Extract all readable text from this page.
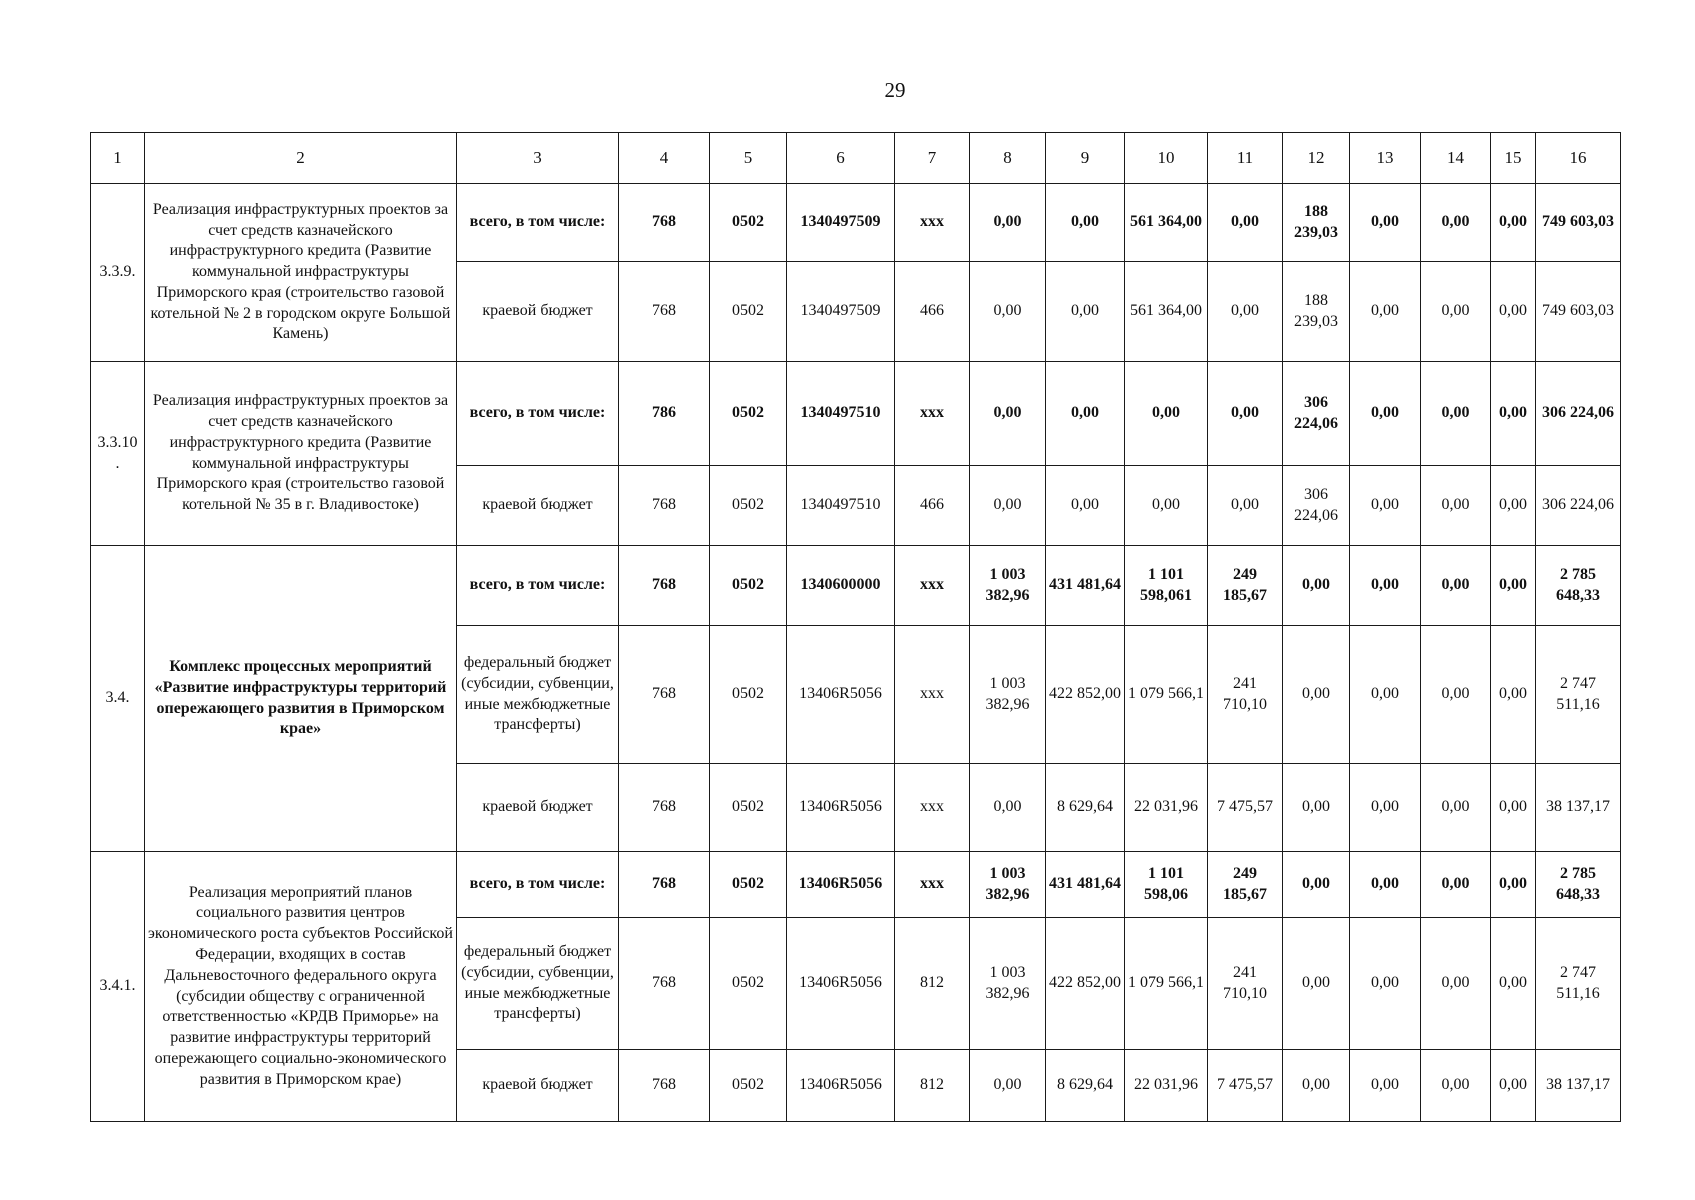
29
1	2	3	4	5	6	7	8	9	10	11	12	13	14	15	16
3.3.9.	Реализация инфраструктурных проектов за счет средств казначейского инфраструктурного кредита (Развитие коммунальной инфраструктуры Приморского края (строительство газовой котельной № 2 в городском округе Большой Камень)	всего, в том числе:	768	0502	1340497509	ххх	0,00	0,00	561 364,00	0,00	188 239,03	0,00	0,00	0,00	749 603,03
		краевой бюджет	768	0502	1340497509	466	0,00	0,00	561 364,00	0,00	188 239,03	0,00	0,00	0,00	749 603,03
3.3.10 .	Реализация инфраструктурных проектов за счет средств казначейского инфраструктурного кредита (Развитие коммунальной инфраструктуры Приморского края (строительство газовой котельной № 35 в г. Владивостоке)	всего, в том числе:	786	0502	1340497510	ххх	0,00	0,00	0,00	0,00	306 224,06	0,00	0,00	0,00	306 224,06
		краевой бюджет	768	0502	1340497510	466	0,00	0,00	0,00	0,00	306 224,06	0,00	0,00	0,00	306 224,06
3.4.	Комплекс процессных мероприятий «Развитие инфраструктуры территорий опережающего развития в Приморском крае»	всего, в том числе:	768	0502	1340600000	ххх	1 003 382,96	431 481,64	1 101 598,061	249 185,67	0,00	0,00	0,00	0,00	2 785 648,33
		федеральный бюджет (субсидии, субвенции, иные межбюджетные трансферты)	768	0502	13406R5056	ххх	1 003 382,96	422 852,00	1 079 566,1	241 710,10	0,00	0,00	0,00	0,00	2 747 511,16
		краевой бюджет	768	0502	13406R5056	ххх	0,00	8 629,64	22 031,96	7 475,57	0,00	0,00	0,00	0,00	38 137,17
3.4.1.	Реализация мероприятий планов социального развития центров экономического роста субъектов Российской Федерации, входящих в состав Дальневосточного федерального округа (субсидии обществу с ограниченной ответственностью «КРДВ Приморье» на развитие инфраструктуры территорий опережающего социально-экономического развития в Приморском крае)	всего, в том числе:	768	0502	13406R5056	ххх	1 003 382,96	431 481,64	1 101 598,06	249 185,67	0,00	0,00	0,00	0,00	2 785 648,33
		федеральный бюджет (субсидии, субвенции, иные межбюджетные трансферты)	768	0502	13406R5056	812	1 003 382,96	422 852,00	1 079 566,1	241 710,10	0,00	0,00	0,00	0,00	2 747 511,16
		краевой бюджет	768	0502	13406R5056	812	0,00	8 629,64	22 031,96	7 475,57	0,00	0,00	0,00	0,00	38 137,17
